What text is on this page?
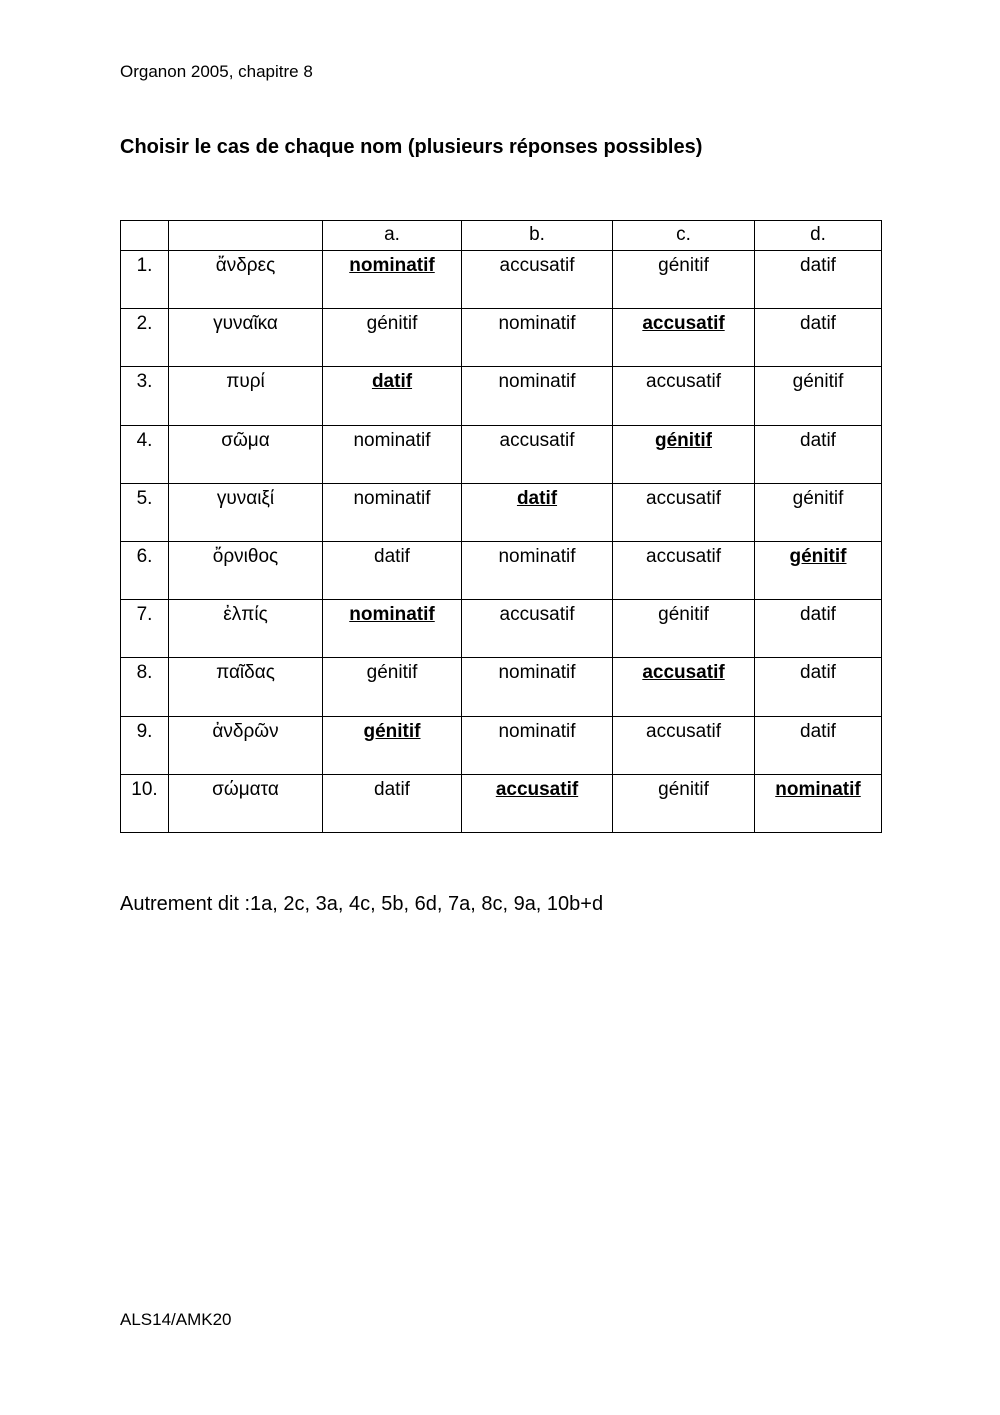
Organon 2005, chapitre 8
Choisir le cas de chaque nom (plusieurs réponses possibles)
		a.	b.	c.	d.
1.	ἄνδρες	nominatif	accusatif	génitif	datif
2.	γυναῖκα	génitif	nominatif	accusatif	datif
3.	πυρί	datif	nominatif	accusatif	génitif
4.	σῶμα	nominatif	accusatif	génitif	datif
5.	γυναιξί	nominatif	datif	accusatif	génitif
6.	ὄρνιθος	datif	nominatif	accusatif	génitif
7.	ἐλπίς	nominatif	accusatif	génitif	datif
8.	παῖδας	génitif	nominatif	accusatif	datif
9.	ἀνδρῶν	génitif	nominatif	accusatif	datif
10.	σώματα	datif	accusatif	génitif	nominatif
Autrement dit :1a, 2c, 3a, 4c, 5b, 6d, 7a, 8c, 9a, 10b+d
ALS14/AMK20
